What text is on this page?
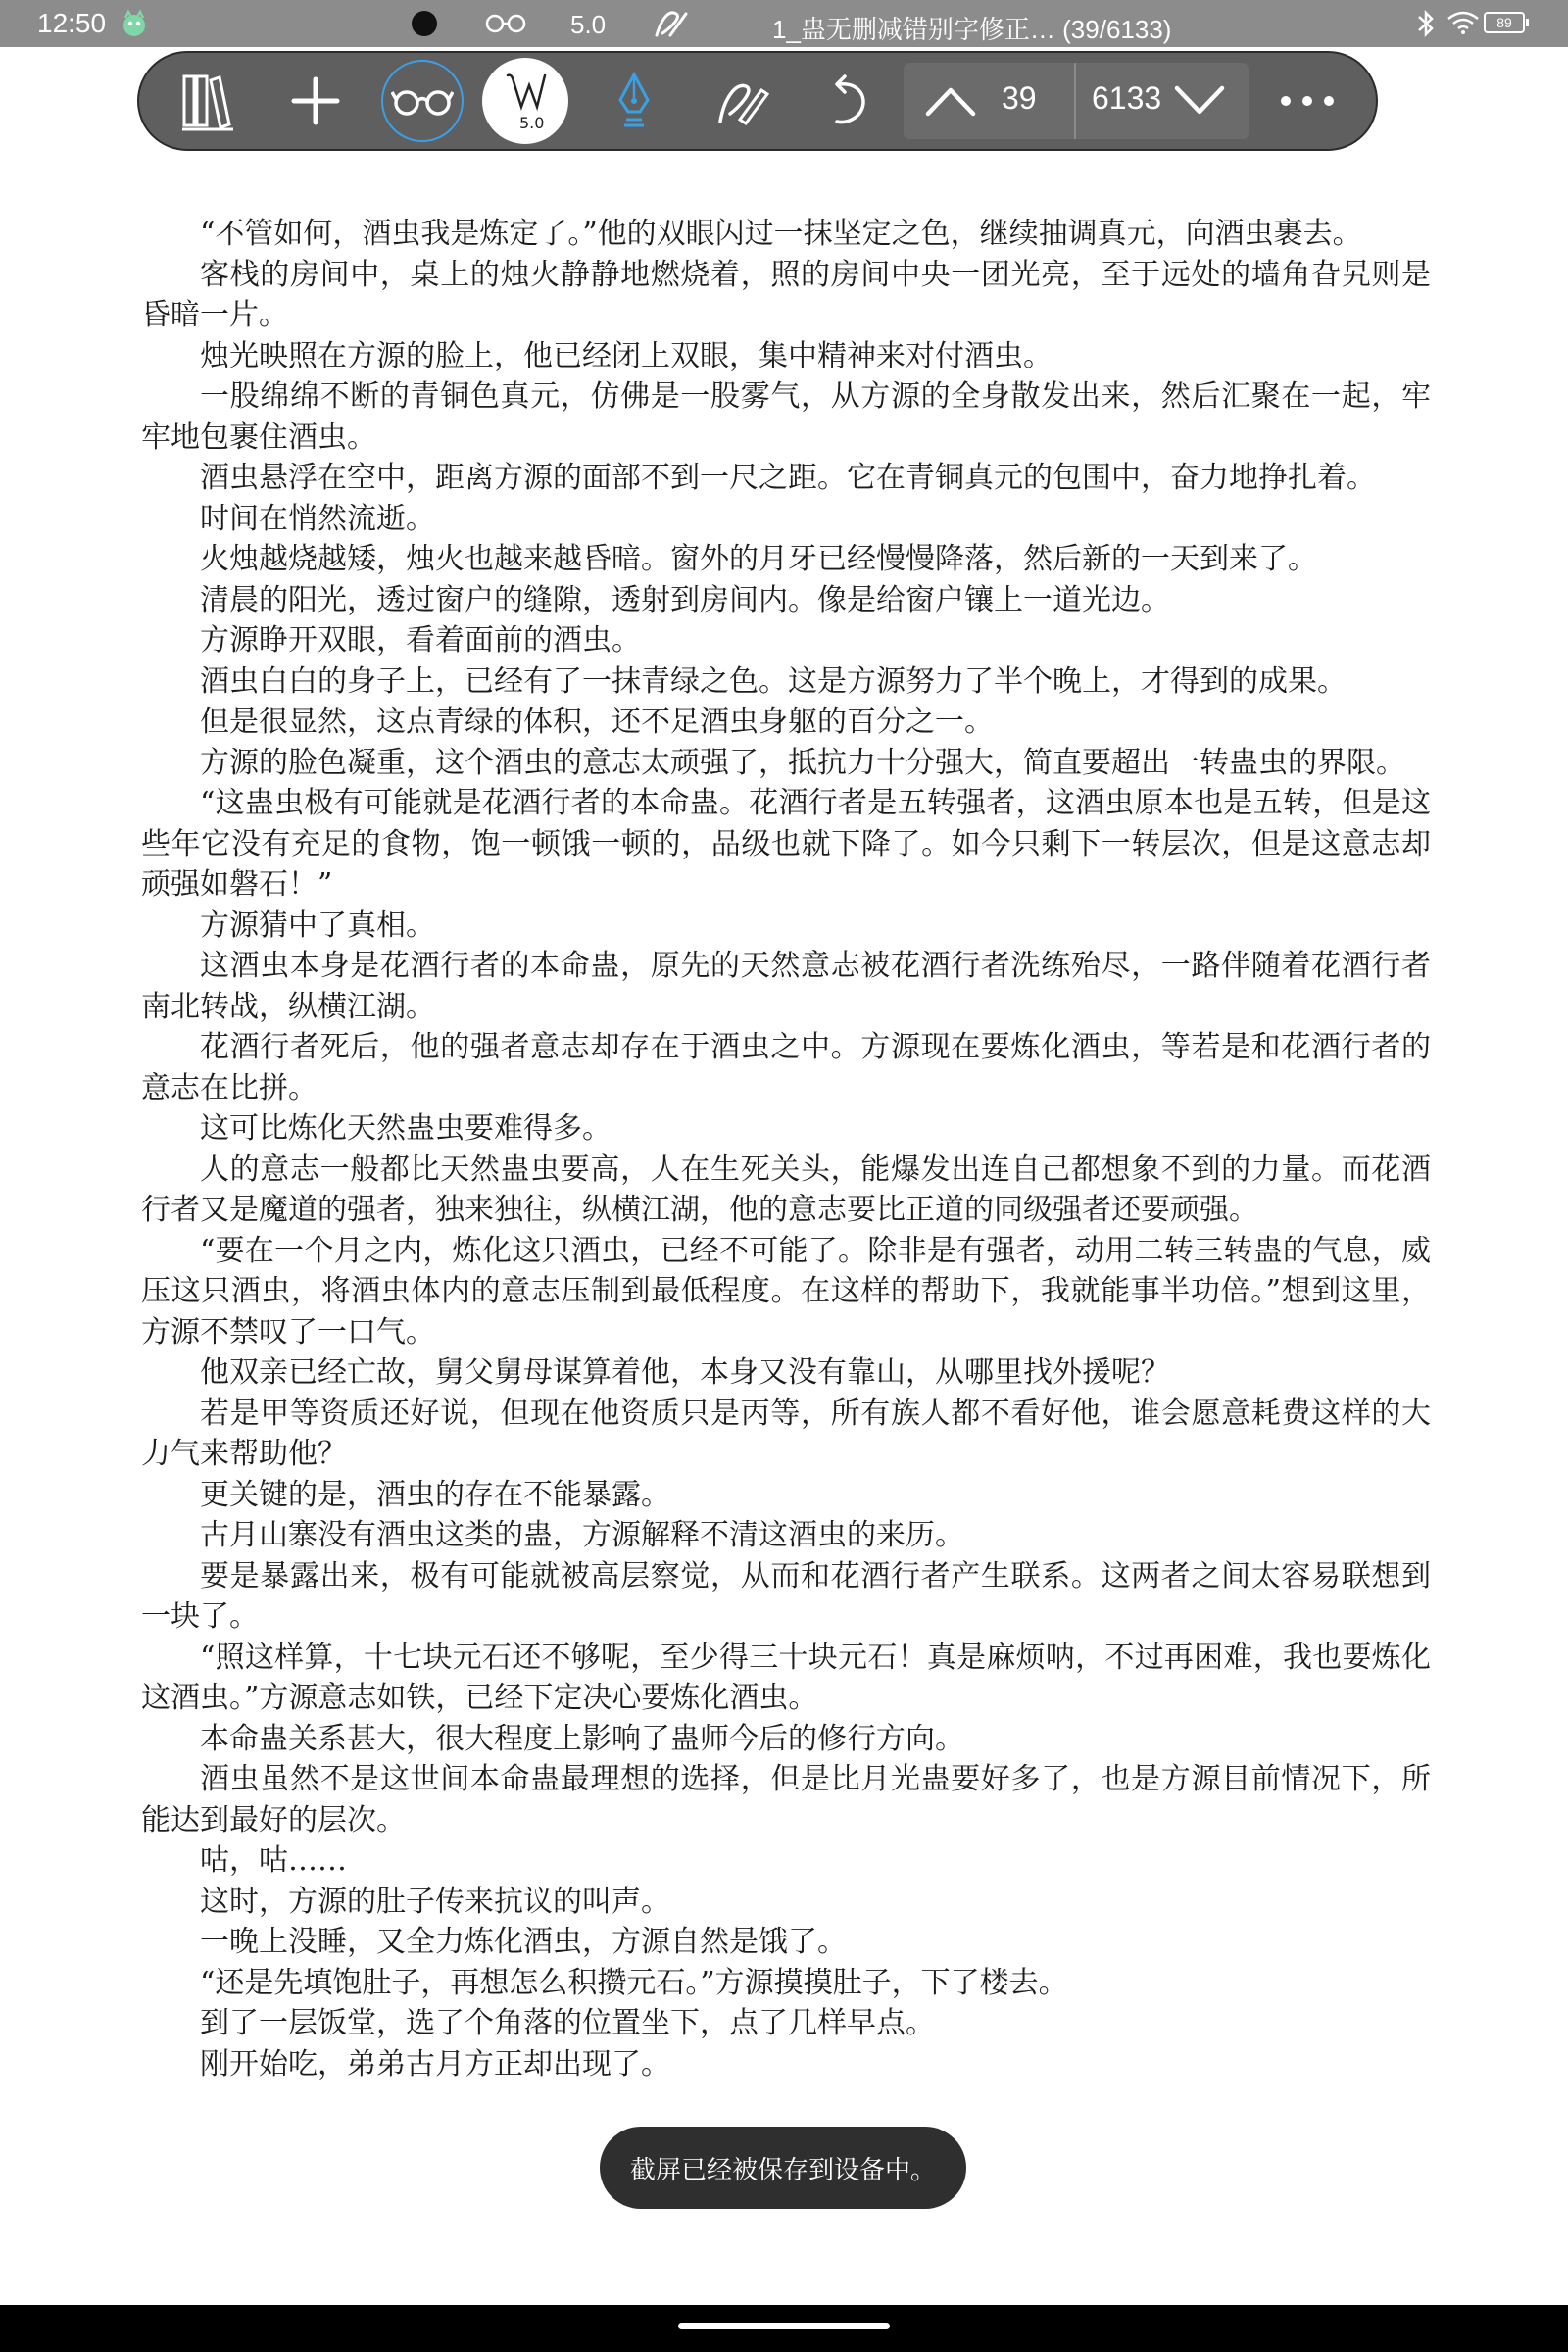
12:50	5.0	1_蛊无删减错别字修正… (39/6133)	89
5.0
39 6133

“不管如何，酒虫我是炼定了。”他的双眼闪过一抹坚定之色，继续抽调真元，向酒虫裹去。

客栈的房间中，桌上的烛火静静地燃烧着，照的房间中央一团光亮，至于远处的墙角旮旯则是昏暗一片。

烛光映照在方源的脸上，他已经闭上双眼，集中精神来对付酒虫。

一股绵绵不断的青铜色真元，仿佛是一股雾气，从方源的全身散发出来，然后汇聚在一起，牢牢地包裹住酒虫。

酒虫悬浮在空中，距离方源的面部不到一尺之距。它在青铜真元的包围中，奋力地挣扎着。

时间在悄然流逝。

火烛越烧越矮，烛火也越来越昏暗。窗外的月牙已经慢慢降落，然后新的一天到来了。

清晨的阳光，透过窗户的缝隙，透射到房间内。像是给窗户镶上一道光边。

方源睁开双眼，看着面前的酒虫。

酒虫白白的身子上，已经有了一抹青绿之色。这是方源努力了半个晚上，才得到的成果。

但是很显然，这点青绿的体积，还不足酒虫身躯的百分之一。

方源的脸色凝重，这个酒虫的意志太顽强了，抵抗力十分强大，简直要超出一转蛊虫的界限。

“这蛊虫极有可能就是花酒行者的本命蛊。花酒行者是五转强者，这酒虫原本也是五转，但是这些年它没有充足的食物，饱一顿饿一顿的，品级也就下降了。如今只剩下一转层次，但是这意志却顽强如磐石！”

方源猜中了真相。

这酒虫本身是花酒行者的本命蛊，原先的天然意志被花酒行者洗练殆尽，一路伴随着花酒行者南北转战，纵横江湖。

花酒行者死后，他的强者意志却存在于酒虫之中。方源现在要炼化酒虫，等若是和花酒行者的意志在比拼。

这可比炼化天然蛊虫要难得多。

人的意志一般都比天然蛊虫要高，人在生死关头，能爆发出连自己都想象不到的力量。而花酒行者又是魔道的强者，独来独往，纵横江湖，他的意志要比正道的同级强者还要顽强。

“要在一个月之内，炼化这只酒虫，已经不可能了。除非是有强者，动用二转三转蛊的气息，威压这只酒虫，将酒虫体内的意志压制到最低程度。在这样的帮助下，我就能事半功倍。”想到这里，方源不禁叹了一口气。

他双亲已经亡故，舅父舅母谋算着他，本身又没有靠山，从哪里找外援呢？

若是甲等资质还好说，但现在他资质只是丙等，所有族人都不看好他，谁会愿意耗费这样的大力气来帮助他？

更关键的是，酒虫的存在不能暴露。

古月山寨没有酒虫这类的蛊，方源解释不清这酒虫的来历。

要是暴露出来，极有可能就被高层察觉，从而和花酒行者产生联系。这两者之间太容易联想到一块了。

“照这样算，十七块元石还不够呢，至少得三十块元石！真是麻烦呐，不过再困难，我也要炼化这酒虫。”方源意志如铁，已经下定决心要炼化酒虫。

本命蛊关系甚大，很大程度上影响了蛊师今后的修行方向。

酒虫虽然不是这世间本命蛊最理想的选择，但是比月光蛊要好多了，也是方源目前情况下，所能达到最好的层次。

咕，咕……

这时，方源的肚子传来抗议的叫声。

一晚上没睡，又全力炼化酒虫，方源自然是饿了。

“还是先填饱肚子，再想怎么积攒元石。”方源摸摸肚子，下了楼去。

到了一层饭堂，选了个角落的位置坐下，点了几样早点。

刚开始吃，弟弟古月方正却出现了。

截屏已经被保存到设备中。
